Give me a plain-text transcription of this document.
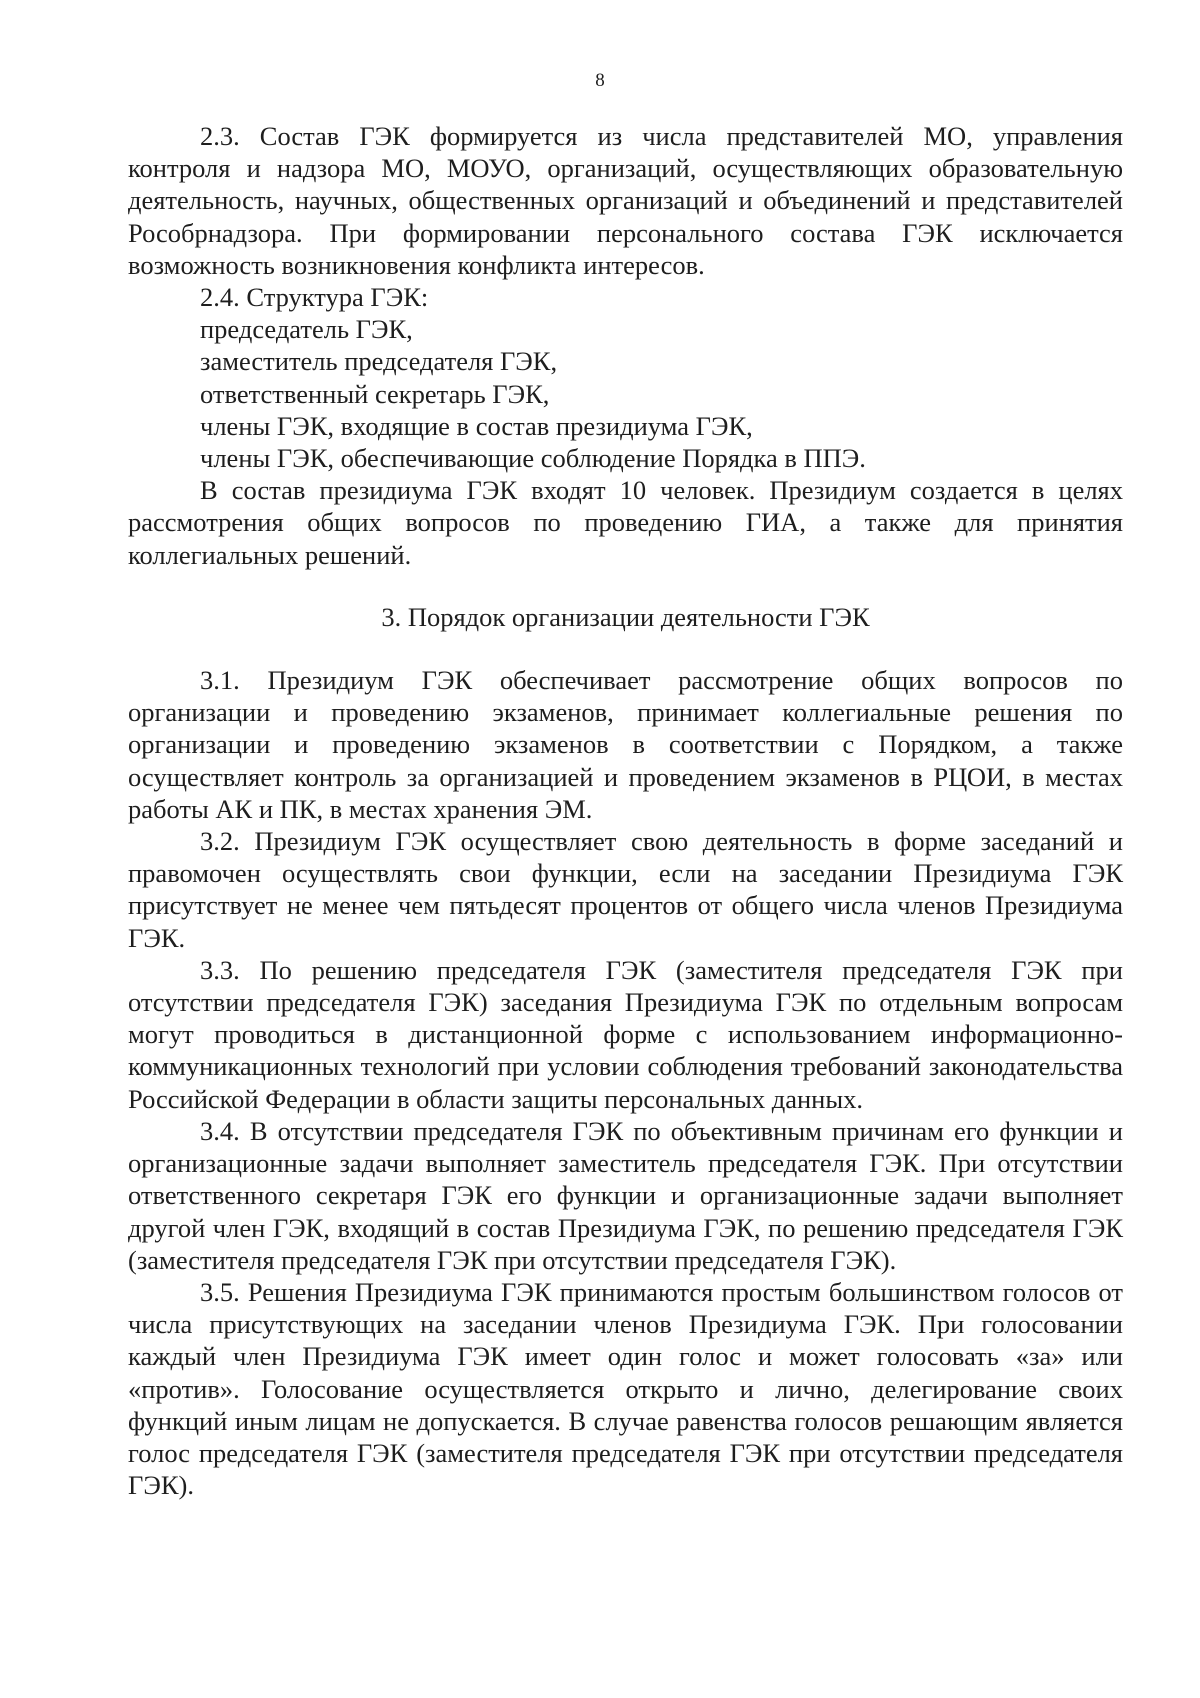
8

2.3. Состав ГЭК формируется из числа представителей МО, управления контроля и надзора МО, МОУО, организаций, осуществляющих образовательную деятельность, научных, общественных организаций и объединений и представителей Рособрнадзора. При формировании персонального состава ГЭК исключается возможность возникновения конфликта интересов.

2.4. Структура ГЭК:

председатель ГЭК,
заместитель председателя ГЭК,
ответственный секретарь ГЭК,
члены ГЭК, входящие в состав президиума ГЭК,
члены ГЭК, обеспечивающие соблюдение Порядка в ППЭ.

В состав президиума ГЭК входят 10 человек. Президиум создается в целях рассмотрения общих вопросов по проведению ГИА, а также для принятия коллегиальных решений.

3. Порядок организации деятельности ГЭК

3.1. Президиум ГЭК обеспечивает рассмотрение общих вопросов по организации и проведению экзаменов, принимает коллегиальные решения по организации и проведению экзаменов в соответствии с Порядком, а также осуществляет контроль за организацией и проведением экзаменов в РЦОИ, в местах работы АК и ПК, в местах хранения ЭМ.

3.2. Президиум ГЭК осуществляет свою деятельность в форме заседаний и правомочен осуществлять свои функции, если на заседании Президиума ГЭК присутствует не менее чем пятьдесят процентов от общего числа членов Президиума ГЭК.

3.3. По решению председателя ГЭК (заместителя председателя ГЭК при отсутствии председателя ГЭК) заседания Президиума ГЭК по отдельным вопросам могут проводиться в дистанционной форме с использованием информационно-коммуникационных технологий при условии соблюдения требований законодательства Российской Федерации в области защиты персональных данных.

3.4. В отсутствии председателя ГЭК по объективным причинам его функции и организационные задачи выполняет заместитель председателя ГЭК. При отсутствии ответственного секретаря ГЭК его функции и организационные задачи выполняет другой член ГЭК, входящий в состав Президиума ГЭК, по решению председателя ГЭК (заместителя председателя ГЭК при отсутствии председателя ГЭК).

3.5. Решения Президиума ГЭК принимаются простым большинством голосов от числа присутствующих на заседании членов Президиума ГЭК. При голосовании каждый член Президиума ГЭК имеет один голос и может голосовать «за» или «против». Голосование осуществляется открыто и лично, делегирование своих функций иным лицам не допускается. В случае равенства голосов решающим является голос председателя ГЭК (заместителя председателя ГЭК при отсутствии председателя ГЭК).
